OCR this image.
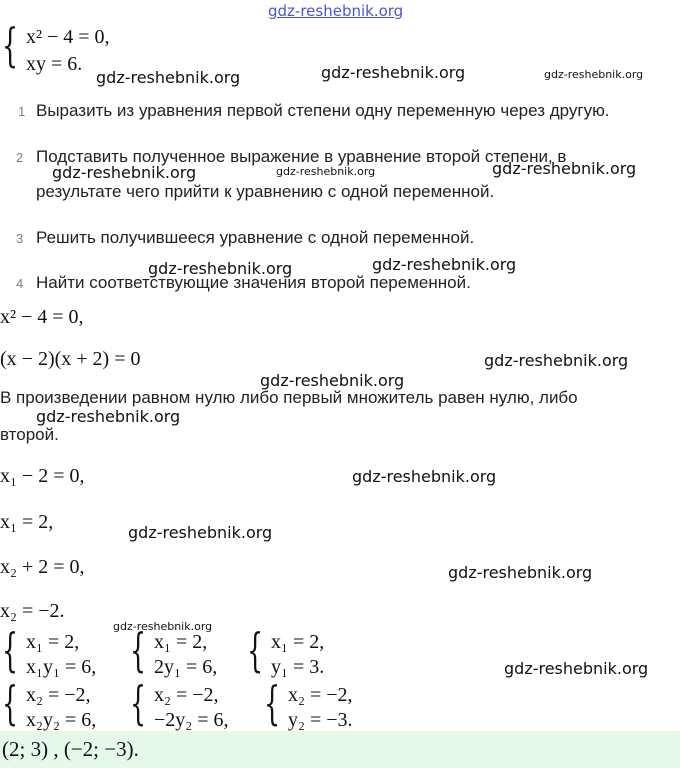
gdz-reshebnik.org
{ x² − 4 = 0,
xy = 6.
gdz-reshebnik.org	gdz-reshebnik.org	gdz-reshebnik.org
1 Выразить из уравнения первой степени одну переменную через другую.
2 Подставить полученное выражение в уравнение второй степени, в
результате чего прийти к уравнению с одной переменной.
gdz-reshebnik.org	gdz-reshebnik.org	gdz-reshebnik.org
3 Решить получившееся уравнение с одной переменной.
4 Найти соответствующие значения второй переменной.
gdz-reshebnik.org	gdz-reshebnik.org
x² − 4 = 0,
(x − 2)(x + 2) = 0	gdz-reshebnik.org
gdz-reshebnik.org
В произведении равном нулю либо первый множитель равен нулю, либо
gdz-reshebnik.org
второй.
x₁ − 2 = 0,	gdz-reshebnik.org
x₁ = 2,	gdz-reshebnik.org
x₂ + 2 = 0,	gdz-reshebnik.org
x₂ = −2.
gdz-reshebnik.org
{ x₁ = 2,
x₁y₁ = 6, { x₁ = 2,
2y₁ = 6, { x₁ = 2,
y₁ = 3.	gdz-reshebnik.org
{ x₂ = −2,
x₂y₂ = 6, { x₂ = −2,
−2y₂ = 6, { x₂ = −2,
y₂ = −3.
(2; 3) , (−2; −3).
